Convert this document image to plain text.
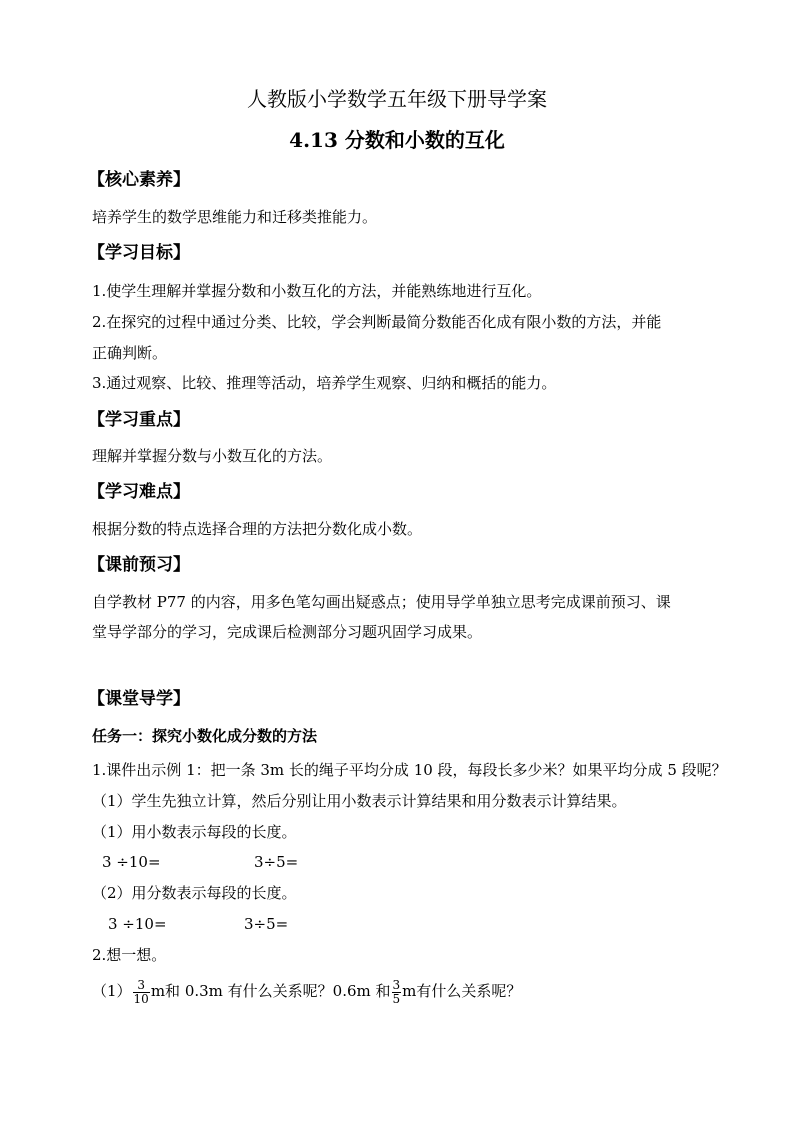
人教版小学数学五年级下册导学案
4.13 分数和小数的互化
【核心素养】
培养学生的数学思维能力和迁移类推能力。
【学习目标】
1.使学生理解并掌握分数和小数互化的方法，并能熟练地进行互化。
2.在探究的过程中通过分类、比较，学会判断最简分数能否化成有限小数的方法，并能
正确判断。
3.通过观察、比较、推理等活动，培养学生观察、归纳和概括的能力。
【学习重点】
理解并掌握分数与小数互化的方法。
【学习难点】
根据分数的特点选择合理的方法把分数化成小数。
【课前预习】
自学教材 P77 的内容，用多色笔勾画出疑惑点；使用导学单独立思考完成课前预习、课
堂导学部分的学习，完成课后检测部分习题巩固学习成果。
【课堂导学】
任务一：探究小数化成分数的方法
1.课件出示例 1：把一条 3m 长的绳子平均分成 10 段，每段长多少米？如果平均分成 5 段呢？
（1）学生先独立计算，然后分别让用小数表示计算结果和用分数表示计算结果。
（1）用小数表示每段的长度。
3 ÷10=	3÷5=
（2）用分数表示每段的长度。
3 ÷10=	3÷5=
2.想一想。
$(1) \frac{3}{10}$ m和 0.3m 有什么关系呢？0.6m 和 $\frac{3}{5}$ m有什么关系呢？
